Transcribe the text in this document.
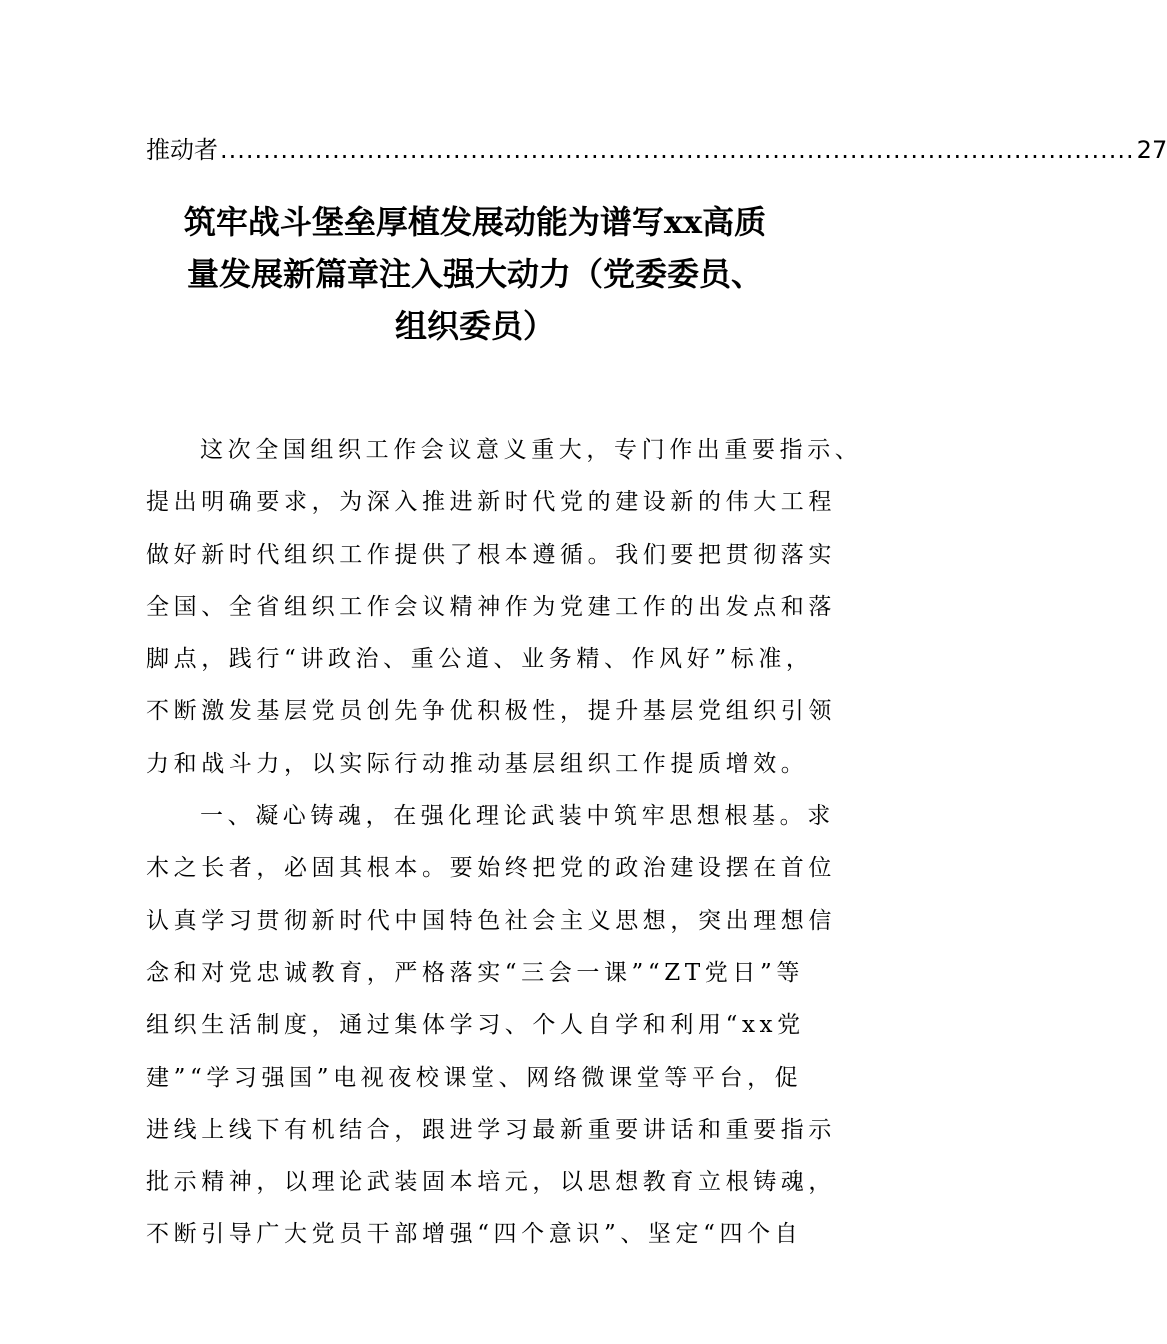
推动者 .......................................................................................................... 27
筑牢战斗堡垒厚植发展动能为谱写xx高质
量发展新篇章注入强大动力（党委委员、
组织委员）
这次全国组织工作会议意义重大，专门作出重要指示、
提出明确要求，为深入推进新时代党的建设新的伟大工程
做好新时代组织工作提供了根本遵循。我们要把贯彻落实
全国、全省组织工作会议精神作为党建工作的出发点和落
脚点，践行“讲政治、重公道、业务精、作风好”标准，
不断激发基层党员创先争优积极性，提升基层党组织引领
力和战斗力，以实际行动推动基层组织工作提质增效。
一、凝心铸魂，在强化理论武装中筑牢思想根基。求
木之长者，必固其根本。要始终把党的政治建设摆在首位
认真学习贯彻新时代中国特色社会主义思想，突出理想信
念和对党忠诚教育，严格落实“三会一课”“ZT党日”等
组织生活制度，通过集体学习、个人自学和利用“xx党
建”“学习强国”电视夜校课堂、网络微课堂等平台，促
进线上线下有机结合，跟进学习最新重要讲话和重要指示
批示精神，以理论武装固本培元，以思想教育立根铸魂，
不断引导广大党员干部增强“四个意识”、坚定“四个自
